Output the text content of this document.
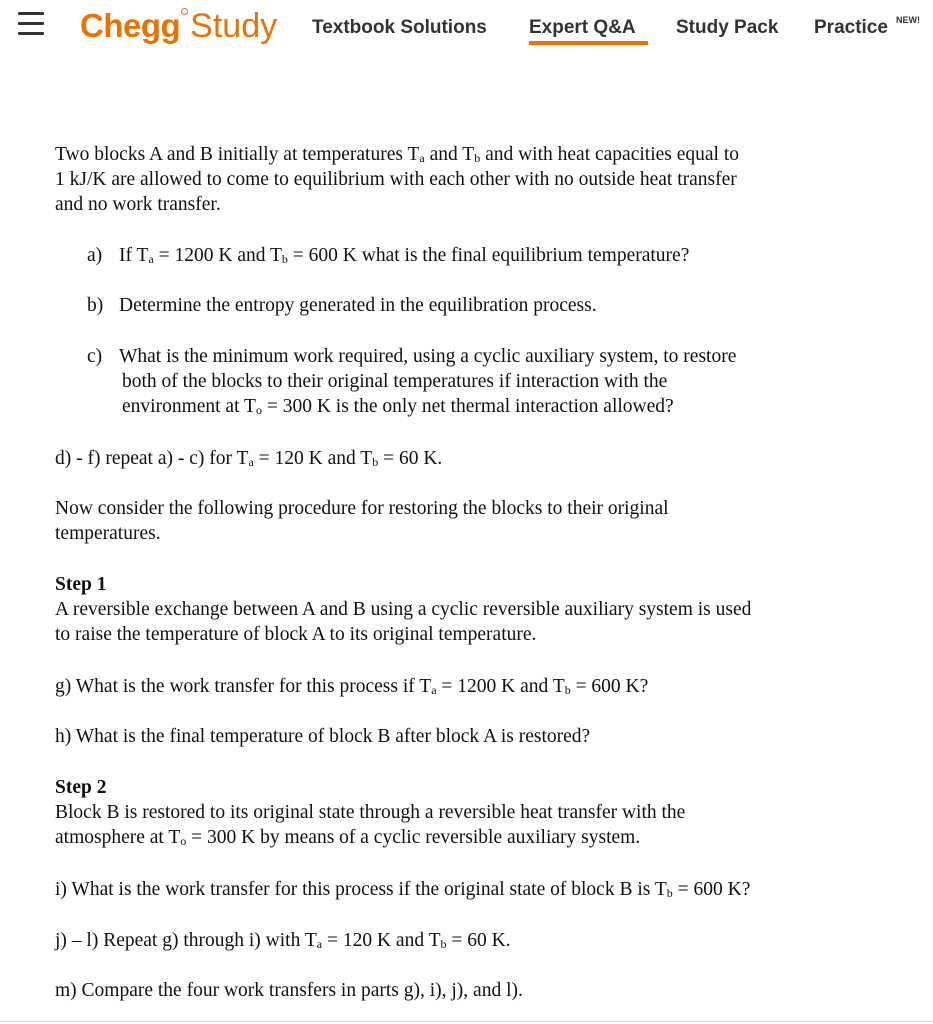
Chegg Study Textbook Solutions Expert Q&A Study Pack Practice NEW!
Two blocks A and B initially at temperatures $T_a$ and $T_b$ and with heat capacities equal to
1 kJ/K are allowed to come to equilibrium with each other with no outside heat transfer
and no work transfer.
a) If $T_a = 1200$ K and $T_b = 600$ K what is the final equilibrium temperature?
b) Determine the entropy generated in the equilibration process.
c) What is the minimum work required, using a cyclic auxiliary system, to restore
both of the blocks to their original temperatures if interaction with the
environment at $T_o = 300$ K is the only net thermal interaction allowed?
d) - f) repeat a) - c) for $T_a = 120$ K and $T_b = 60$ K.
Now consider the following procedure for restoring the blocks to their original
temperatures.
Step 1
A reversible exchange between A and B using a cyclic reversible auxiliary system is used
to raise the temperature of block A to its original temperature.
g) What is the work transfer for this process if $T_a = 1200$ K and $T_b = 600$ K?
h) What is the final temperature of block B after block A is restored?
Step 2
Block B is restored to its original state through a reversible heat transfer with the
atmosphere at $T_o = 300$ K by means of a cyclic reversible auxiliary system.
i) What is the work transfer for this process if the original state of block B is $T_b = 600$ K?
j) – l) Repeat g) through i) with $T_a = 120$ K and $T_b = 60$ K.
m) Compare the four work transfers in parts g), i), j), and l).
